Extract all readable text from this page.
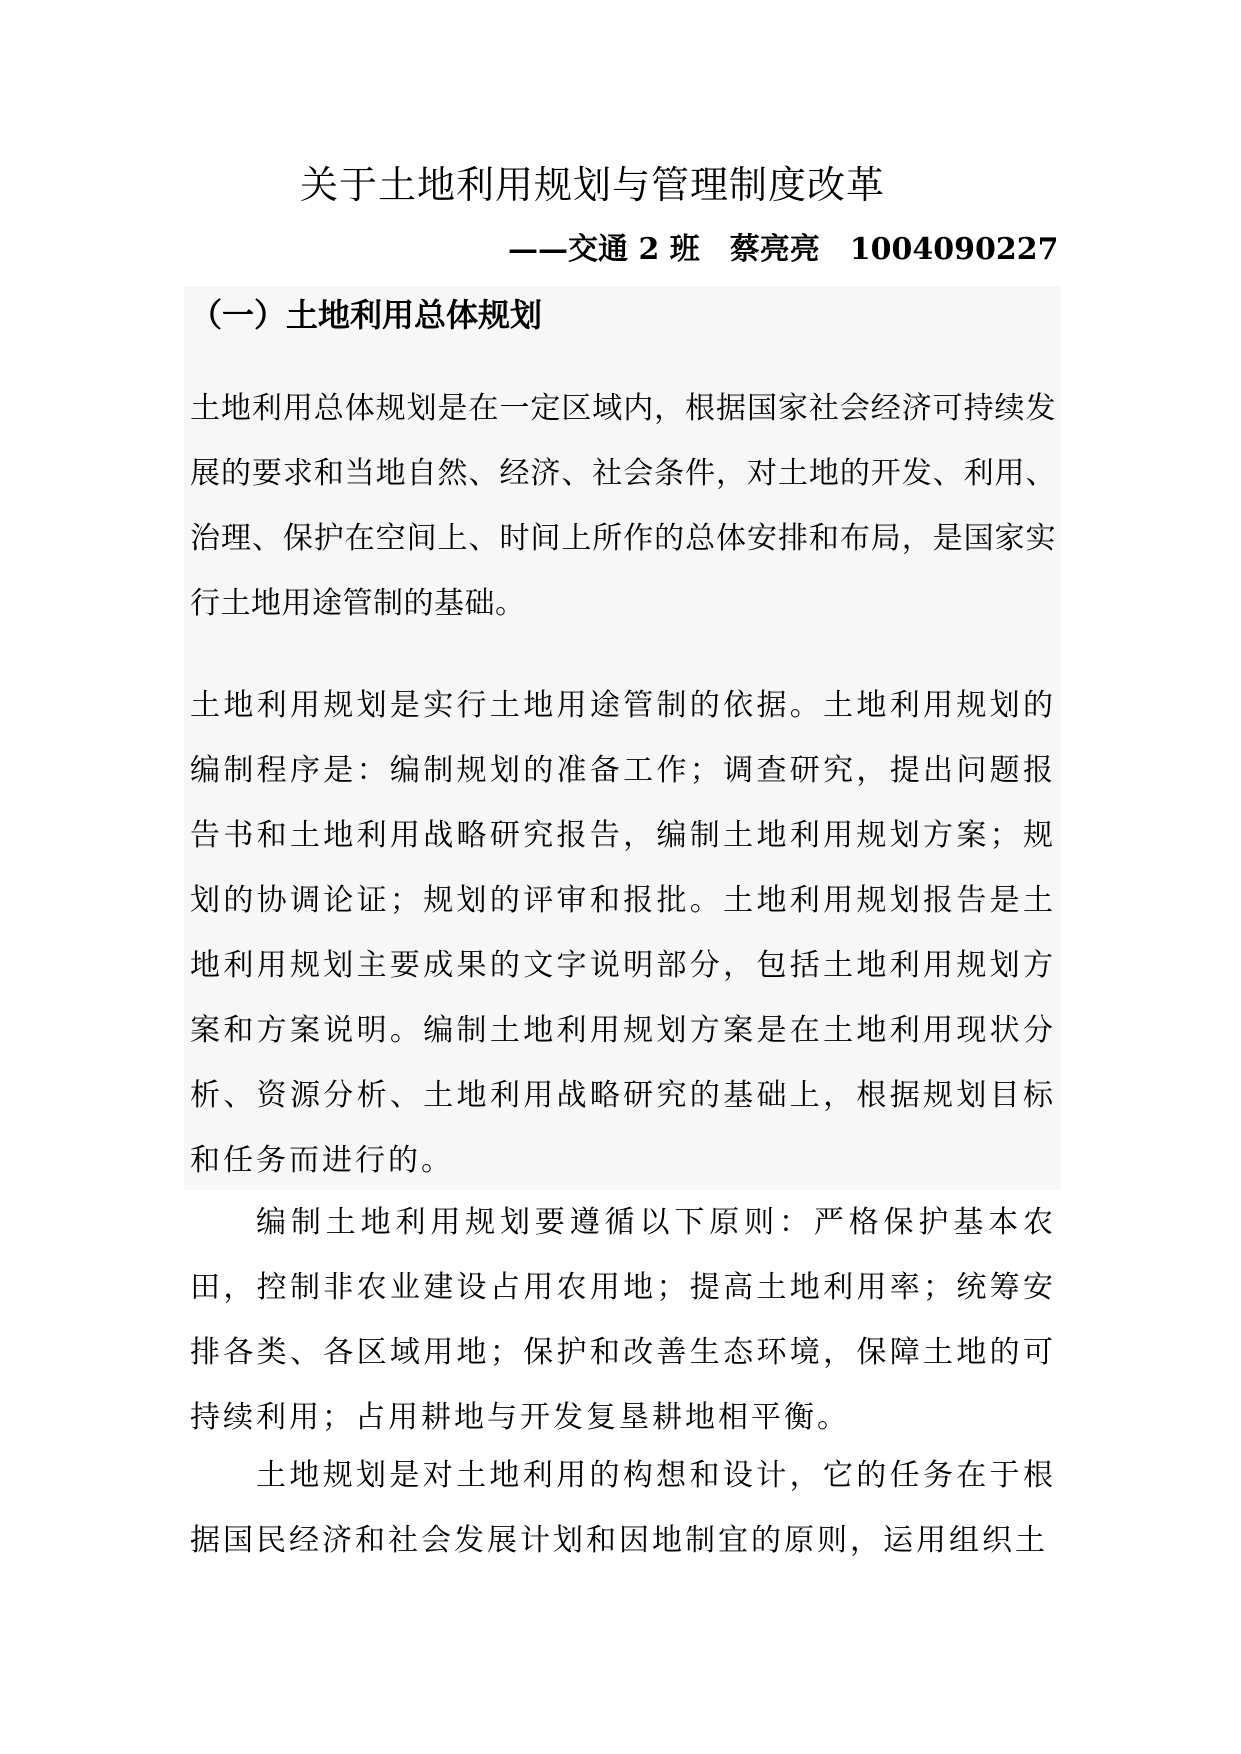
关于土地利用规划与管理制度改革
——交通 2 班　蔡亮亮　1004090227
（一）土地利用总体规划

土地利用总体规划是在一定区域内，根据国家社会经济可持续发展的要求和当地自然、经济、社会条件，对土地的开发、利用、治理、保护在空间上、时间上所作的总体安排和布局，是国家实行土地用途管制的基础。

土地利用规划是实行土地用途管制的依据。土地利用规划的编制程序是：编制规划的准备工作；调查研究，提出问题报告书和土地利用战略研究报告，编制土地利用规划方案；规划的协调论证；规划的评审和报批。土地利用规划报告是土地利用规划主要成果的文字说明部分，包括土地利用规划方案和方案说明。编制土地利用规划方案是在土地利用现状分析、资源分析、土地利用战略研究的基础上，根据规划目标和任务而进行的。

编制土地利用规划要遵循以下原则：严格保护基本农田，控制非农业建设占用农用地；提高土地利用率；统筹安排各类、各区域用地；保护和改善生态环境，保障土地的可持续利用；占用耕地与开发复垦耕地相平衡。

土地规划是对土地利用的构想和设计，它的任务在于根据国民经济和社会发展计划和因地制宜的原则，运用组织土
